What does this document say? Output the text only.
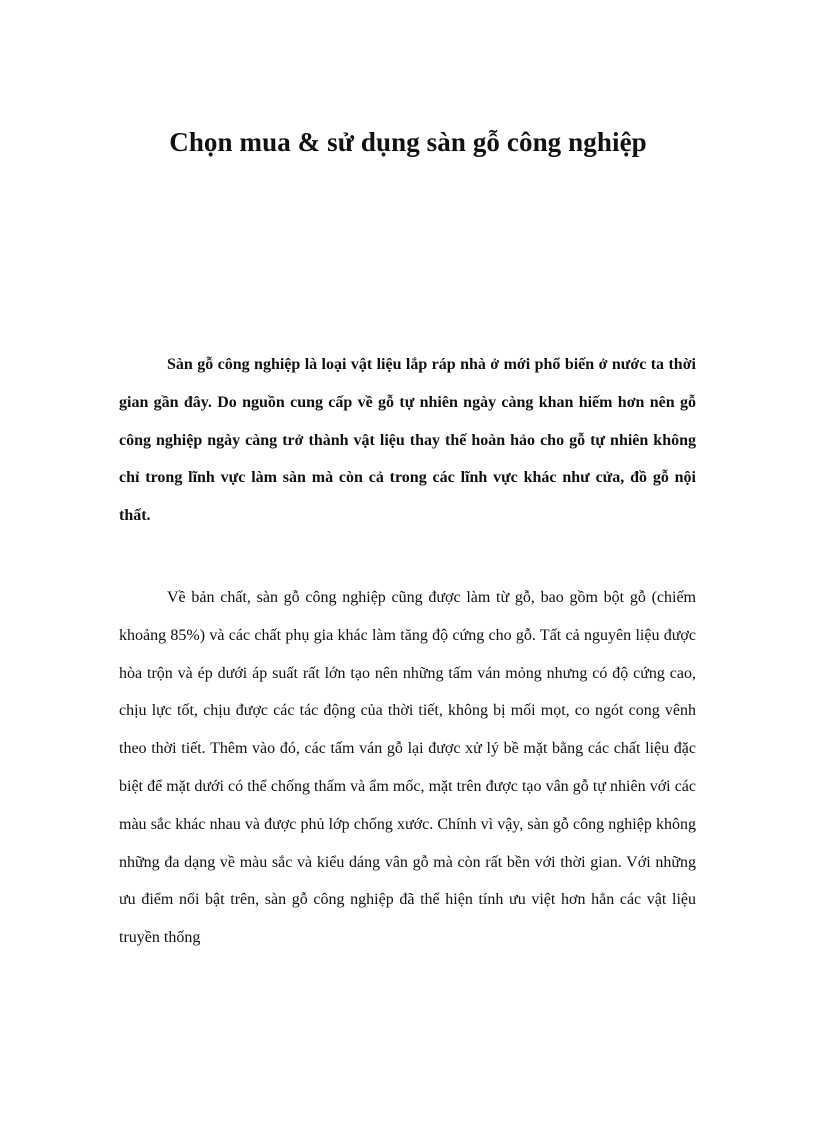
Chọn mua & sử dụng sàn gỗ công nghiệp

Sàn gỗ công nghiệp là loại vật liệu lắp ráp nhà ở mới phổ biến ở nước ta thời gian gần đây. Do nguồn cung cấp về gỗ tự nhiên ngày càng khan hiếm hơn nên gỗ công nghiệp ngày càng trở thành vật liệu thay thế hoàn hảo cho gỗ tự nhiên không chỉ trong lĩnh vực làm sàn mà còn cả trong các lĩnh vực khác như cửa, đồ gỗ nội thất.

Về bản chất, sàn gỗ công nghiệp cũng được làm từ gỗ, bao gồm bột gỗ (chiếm khoảng 85%) và các chất phụ gia khác làm tăng độ cứng cho gỗ. Tất cả nguyên liệu được hòa trộn và ép dưới áp suất rất lớn tạo nên những tấm ván mỏng nhưng có độ cứng cao, chịu lực tốt, chịu được các tác động của thời tiết, không bị mối mọt, co ngót cong vênh theo thời tiết. Thêm vào đó, các tấm ván gỗ lại được xử lý bề mặt bằng các chất liệu đặc biệt để mặt dưới có thể chống thấm và ẩm mốc, mặt trên được tạo vân gỗ tự nhiên với các màu sắc khác nhau và được phủ lớp chống xước. Chính vì vậy, sàn gỗ công nghiệp không những đa dạng về màu sắc và kiểu dáng vân gỗ mà còn rất bền với thời gian. Với những ưu điểm nổi bật trên, sàn gỗ công nghiệp đã thể hiện tính ưu việt hơn hẳn các vật liệu truyền thống
